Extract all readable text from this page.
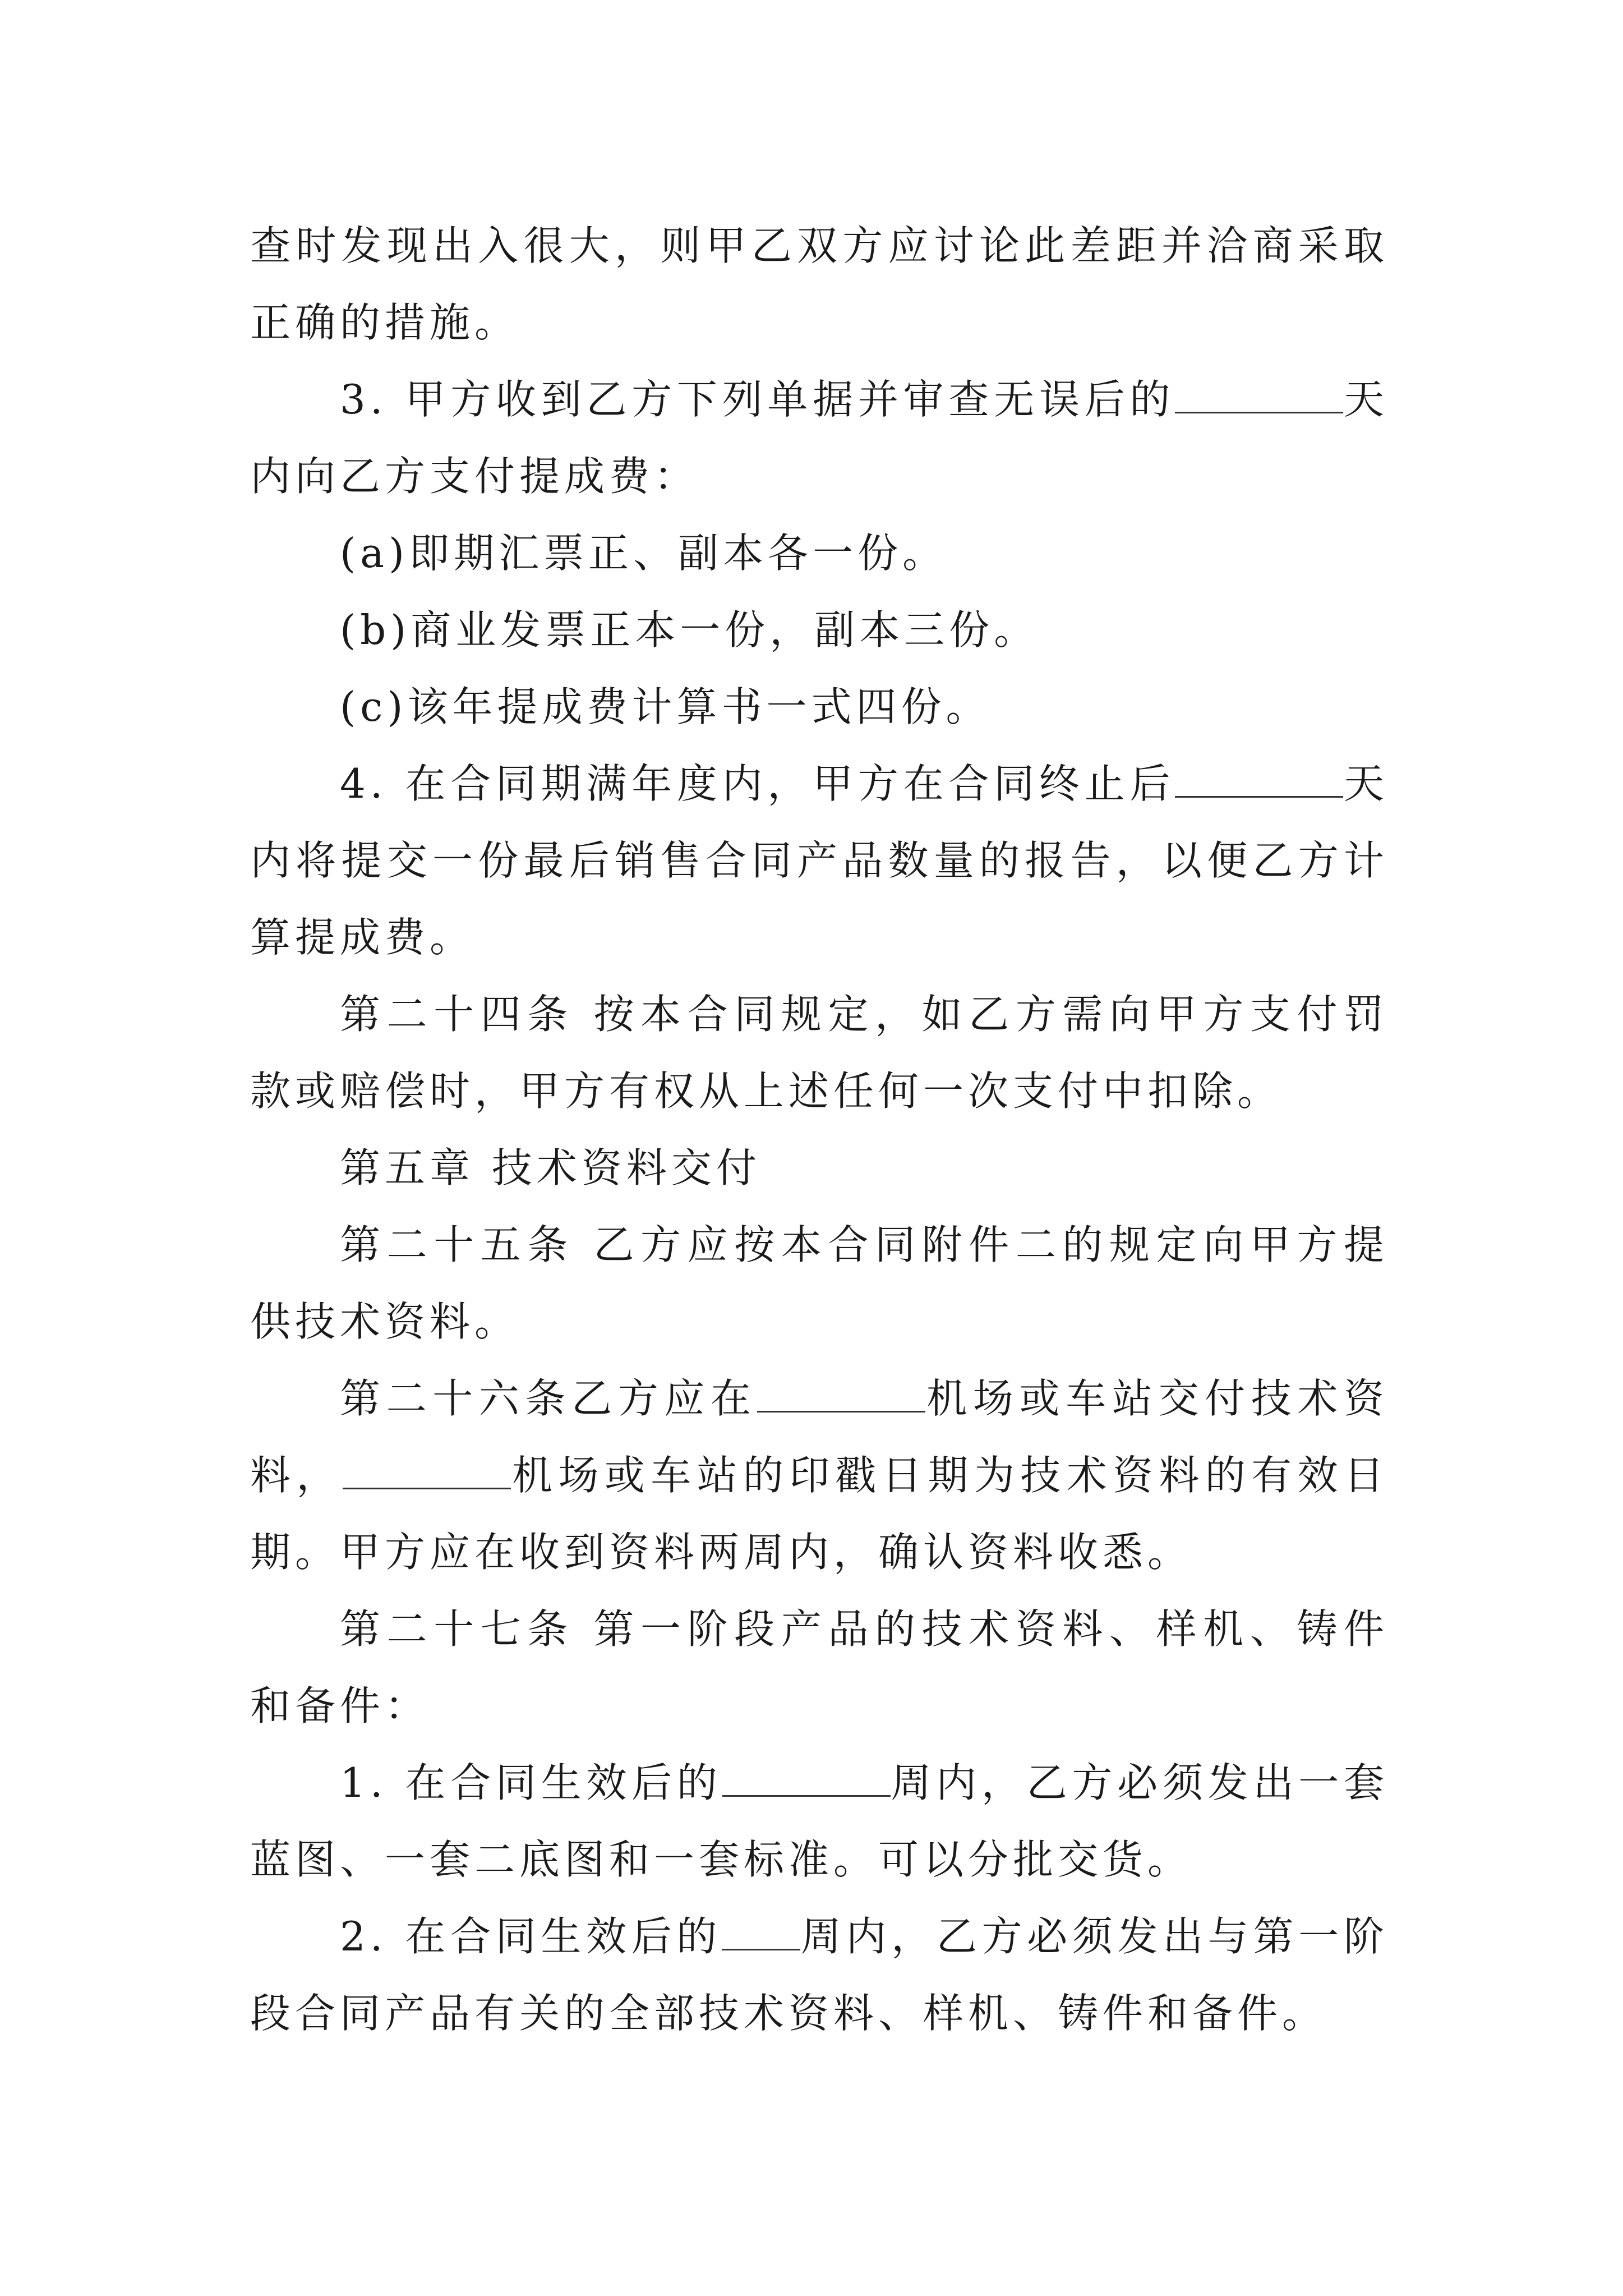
查时发现出入很大，则甲乙双方应讨论此差距并洽商采取正确的措施。

3. 甲方收到乙方下列单据并审查无误后的	天内向乙方支付提成费：

(a)即期汇票正、副本各一份。

(b)商业发票正本一份，副本三份。

(c)该年提成费计算书一式四份。

4. 在合同期满年度内，甲方在合同终止后	天内将提交一份最后销售合同产品数量的报告，以便乙方计算提成费。

第二十四条 按本合同规定，如乙方需向甲方支付罚款或赔偿时，甲方有权从上述任何一次支付中扣除。

第五章 技术资料交付

第二十五条 乙方应按本合同附件二的规定向甲方提供技术资料。

第二十六条乙方应在	机场或车站交付技术资料，	机场或车站的印戳日期为技术资料的有效日期。甲方应在收到资料两周内，确认资料收悉。

第二十七条 第一阶段产品的技术资料、样机、铸件和备件：

1. 在合同生效后的	周内，乙方必须发出一套蓝图、一套二底图和一套标准。可以分批交货。

2. 在合同生效后的 周内，乙方必须发出与第一阶段合同产品有关的全部技术资料、样机、铸件和备件。
